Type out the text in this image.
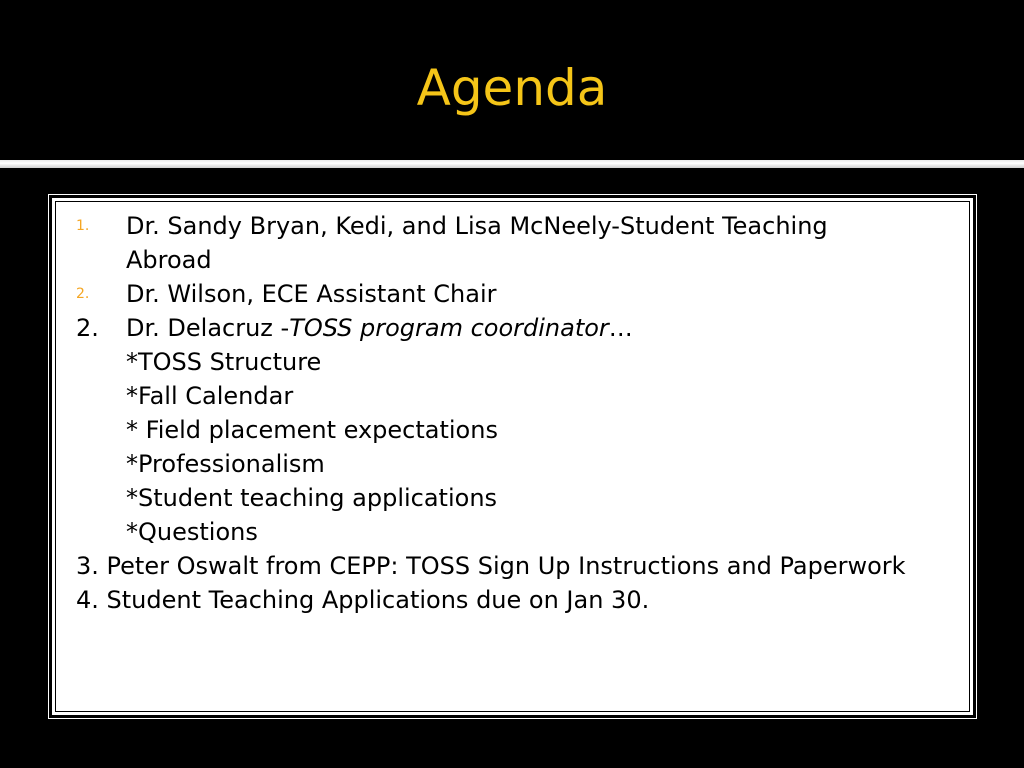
Agenda
1. Dr. Sandy Bryan, Kedi, and Lisa McNeely-Student Teaching
Abroad
2. Dr. Wilson, ECE Assistant Chair
2. Dr. Delacruz -TOSS program coordinator…
*TOSS Structure
*Fall Calendar
* Field placement expectations
*Professionalism
*Student teaching applications
*Questions
3. Peter Oswalt from CEPP: TOSS Sign Up Instructions and Paperwork
4. Student Teaching Applications due on Jan 30.
